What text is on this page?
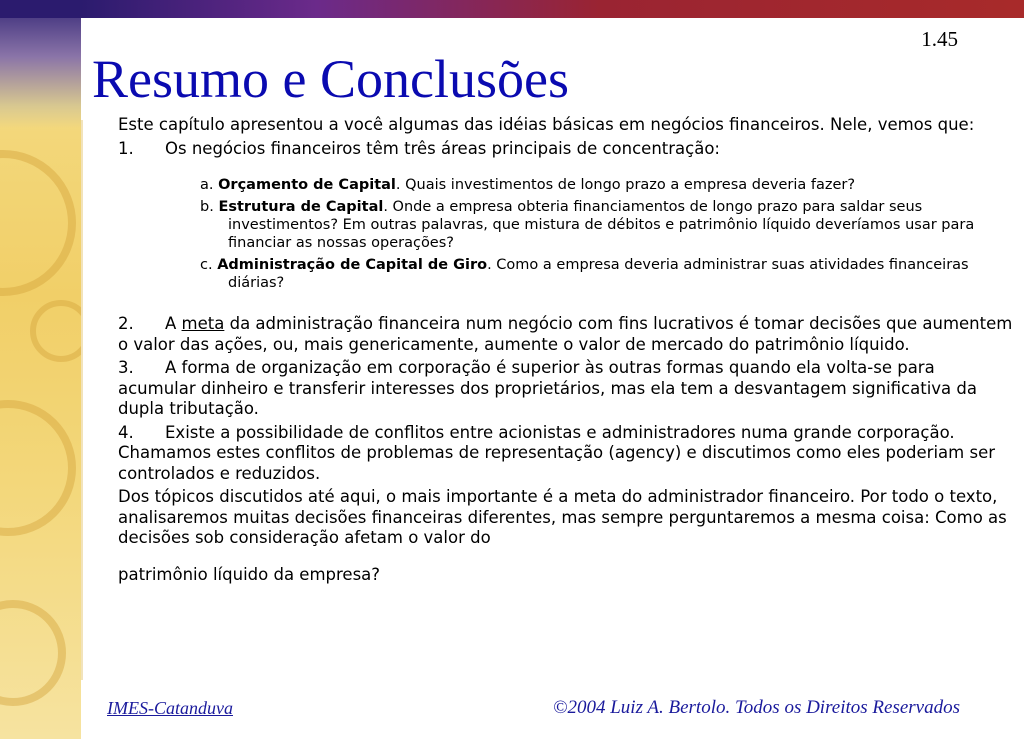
1.45
Resumo e Conclusões

Este capítulo apresentou a você algumas das idéias básicas em negócios financeiros. Nele, vemos que:

1. Os negócios financeiros têm três áreas principais de concentração:

a. Orçamento de Capital. Quais investimentos de longo prazo a empresa deveria fazer?

b. Estrutura de Capital. Onde a empresa obteria financiamentos de longo prazo para saldar seus investimentos? Em outras palavras, que mistura de débitos e patrimônio líquido deveríamos usar para financiar as nossas operações?

c. Administração de Capital de Giro. Como a empresa deveria administrar suas atividades financeiras diárias?

2. A meta da administração financeira num negócio com fins lucrativos é tomar decisões que aumentem o valor das ações, ou, mais genericamente, aumente o valor de mercado do patrimônio líquido.

3. A forma de organização em corporação é superior às outras formas quando ela volta-se para acumular dinheiro e transferir interesses dos proprietários, mas ela tem a desvantagem significativa da dupla tributação.

4. Existe a possibilidade de conflitos entre acionistas e administradores numa grande corporação. Chamamos estes conflitos de problemas de representação (agency) e discutimos como eles poderiam ser controlados e reduzidos.

Dos tópicos discutidos até aqui, o mais importante é a meta do administrador financeiro. Por todo o texto, analisaremos muitas decisões financeiras diferentes, mas sempre perguntaremos a mesma coisa: Como as decisões sob consideração afetam o valor do

patrimônio líquido da empresa?

IMES-Catanduva	©2004 Luiz A. Bertolo. Todos os Direitos Reservados
